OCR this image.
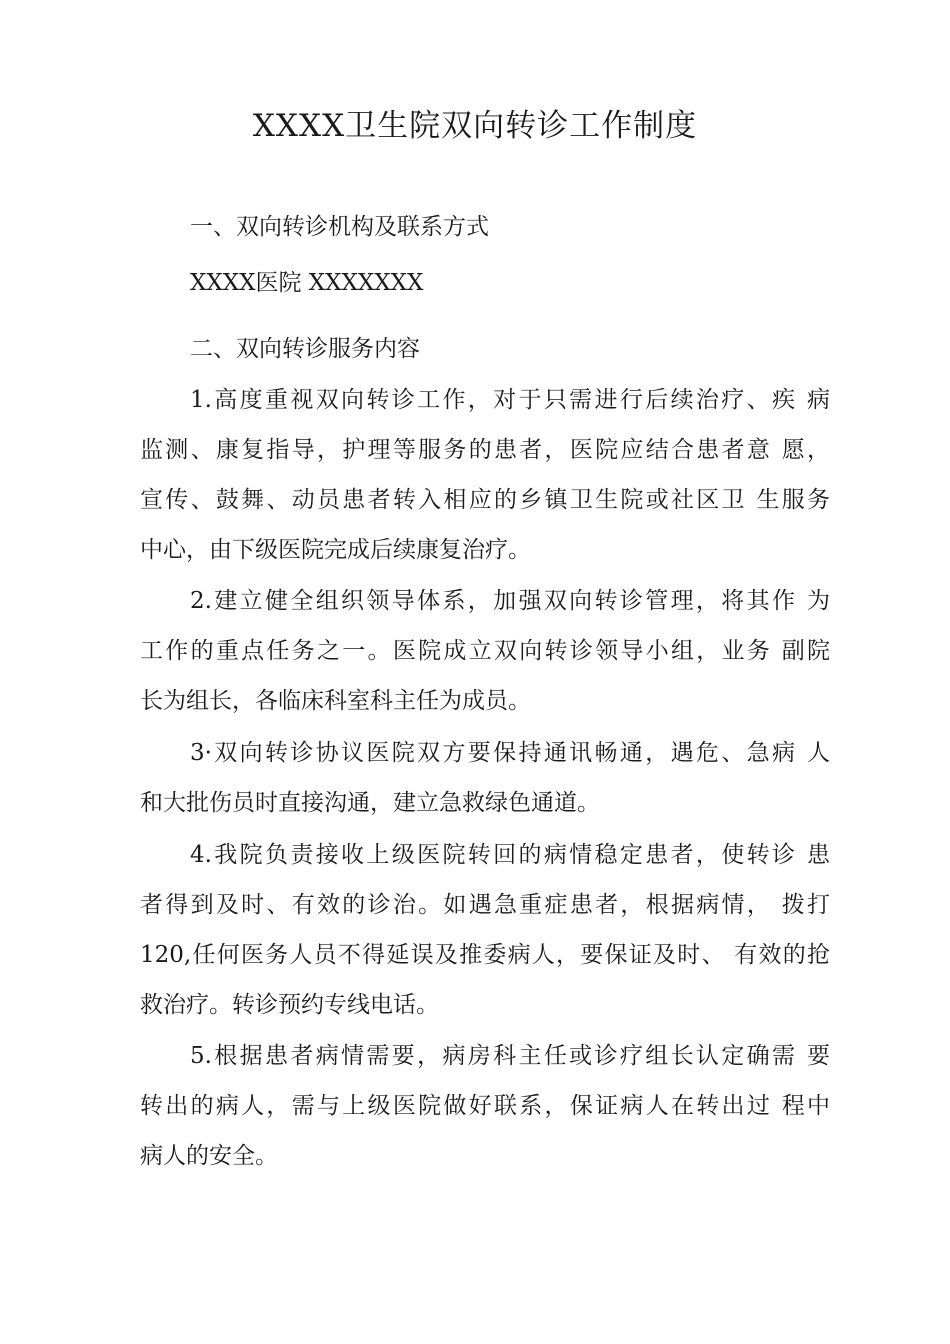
XXXX卫生院双向转诊工作制度

一、双向转诊机构及联系方式

XXXX医院 XXXXXXX

二、双向转诊服务内容

1.高度重视双向转诊工作，对于只需进行后续治疗、疾 病

监测、康复指导，护理等服务的患者，医院应结合患者意 愿，

宣传、鼓舞、动员患者转入相应的乡镇卫生院或社区卫 生服务

中心，由下级医院完成后续康复治疗。

2.建立健全组织领导体系，加强双向转诊管理，将其作 为

工作的重点任务之一。医院成立双向转诊领导小组，业务 副院

长为组长，各临床科室科主任为成员。

3·双向转诊协议医院双方要保持通讯畅通，遇危、急病 人

和大批伤员时直接沟通，建立急救绿色通道。

4.我院负责接收上级医院转回的病情稳定患者，使转诊 患

者得到及时、有效的诊治。如遇急重症患者，根据病情， 拨打

120,任何医务人员不得延误及推委病人，要保证及时、 有效的抢

救治疗。转诊预约专线电话。

5.根据患者病情需要，病房科主任或诊疗组长认定确需 要

转出的病人，需与上级医院做好联系，保证病人在转出过 程中

病人的安全。
